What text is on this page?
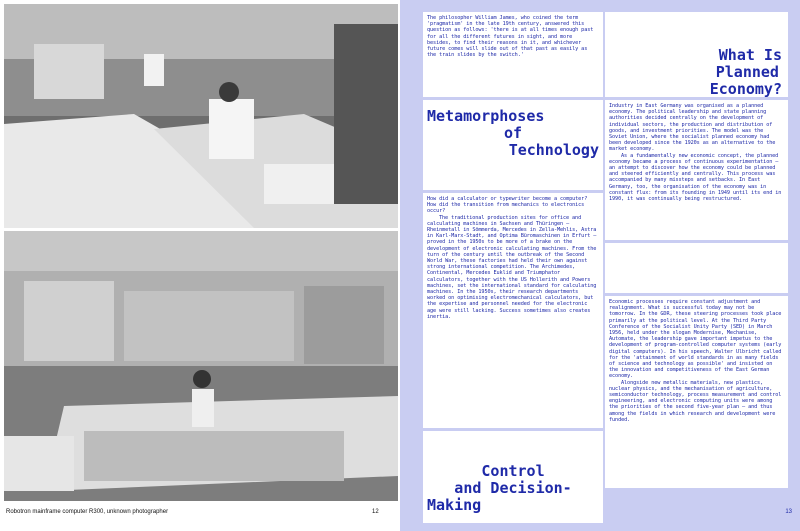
Robotron mainframe computer R300, unknown photographer	12

The philosopher William James, who coined the term 'pragmatism' in the late 19th century, answered this question as follows: 'there is at all times enough past for all the different futures in sight, and more besides, to find their reasons in it, and whichever future comes will slide out of that past as easily as the train slides by the switch.'	What Is
Planned
Economy?
Metamorphoses
of
Technology

Industry in East Germany was organised as a planned economy. The political leadership and state planning authorities decided centrally on the development of individual sectors, the production and distribution of goods, and investment priorities. The model was the Soviet Union, where the socialist planned economy had been developed since the 1920s as an alternative to the market economy.

As a fundamentally new economic concept, the planned economy became a process of continuous experimentation – an attempt to discover how the economy could be planned and steered efficiently and centrally. This process was accompanied by many missteps and setbacks. In East Germany, too, the organisation of the economy was in constant flux: from its founding in 1949 until its end in 1990, it was continually being restructured.

How did a calculator or typewriter become a computer? How did the transition from mechanics to electronics occur?

The traditional production sites for office and calculating machines in Sachsen and Thüringen – Rheinmetall in Sömmerda, Mercedes in Zella-Mehlis, Astra in Karl-Marx-Stadt, and Optima Büromaschinen in Erfurt – proved in the 1950s to be more of a brake on the development of electronic calculating machines. From the turn of the century until the outbreak of the Second World War, these factories had held their own against strong international competition. The Archimedes, Continental, Mercedes Euklid and Triumphator calculators, together with the US Hollerith and Powers machines, set the international standard for calculating machines. In the 1950s, their research departments worked on optimising electromechanical calculators, but the expertise and personnel needed for the electronic age were still lacking. Success sometimes also creates inertia.

Economic processes require constant adjustment and realignment. What is successful today may not be tomorrow. In the GDR, these steering processes took place primarily at the political level. At the Third Party Conference of the Socialist Unity Party (SED) in March 1956, held under the slogan Modernise, Mechanise, Automate, the leadership gave important impetus to the development of program-controlled computer systems (early digital computers). In his speech, Walter Ulbricht called for the 'attainment of world standards in as many fields of science and technology as possible' and insisted on the innovation and competitiveness of the East German economy.

Alongside new metallic materials, new plastics, nuclear physics, and the mechanisation of agriculture, semiconductor technology, process measurement and control engineering, and electronic computing units were among the priorities of the second five-year plan – and thus among the fields in which research and development were funded.

Control
and Decision-
Making	13
